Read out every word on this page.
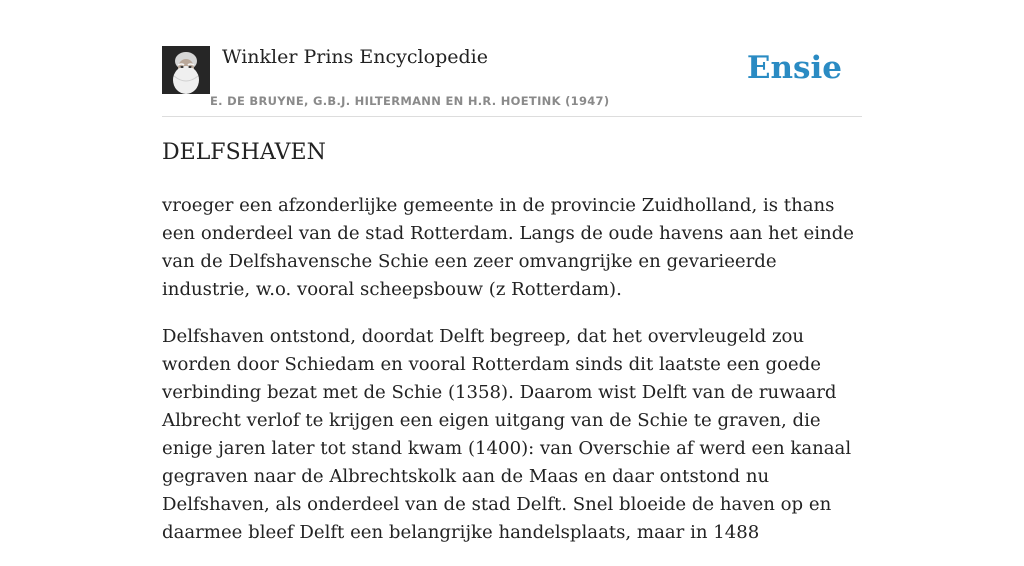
Winkler Prins Encyclopedie
E. DE BRUYNE, G.B.J. HILTERMANN EN H.R. HOETINK (1947)
Ensie
DELFSHAVEN

vroeger een afzonderlijke gemeente in de provincie Zuidholland, is thans een onderdeel van de stad Rotterdam. Langs de oude havens aan het einde van de Delfshavensche Schie een zeer omvangrijke en gevarieerde industrie, w.o. vooral scheepsbouw (z Rotterdam).

Delfshaven ontstond, doordat Delft begreep, dat het overvleugeld zou worden door Schiedam en vooral Rotterdam sinds dit laatste een goede verbinding bezat met de Schie (1358). Daarom wist Delft van de ruwaard Albrecht verlof te krijgen een eigen uitgang van de Schie te graven, die enige jaren later tot stand kwam (1400): van Overschie af werd een kanaal gegraven naar de Albrechtskolk aan de Maas en daar ontstond nu Delfshaven, als onderdeel van de stad Delft. Snel bloeide de haven op en daarmee bleef Delft een belangrijke handelsplaats, maar in 1488
